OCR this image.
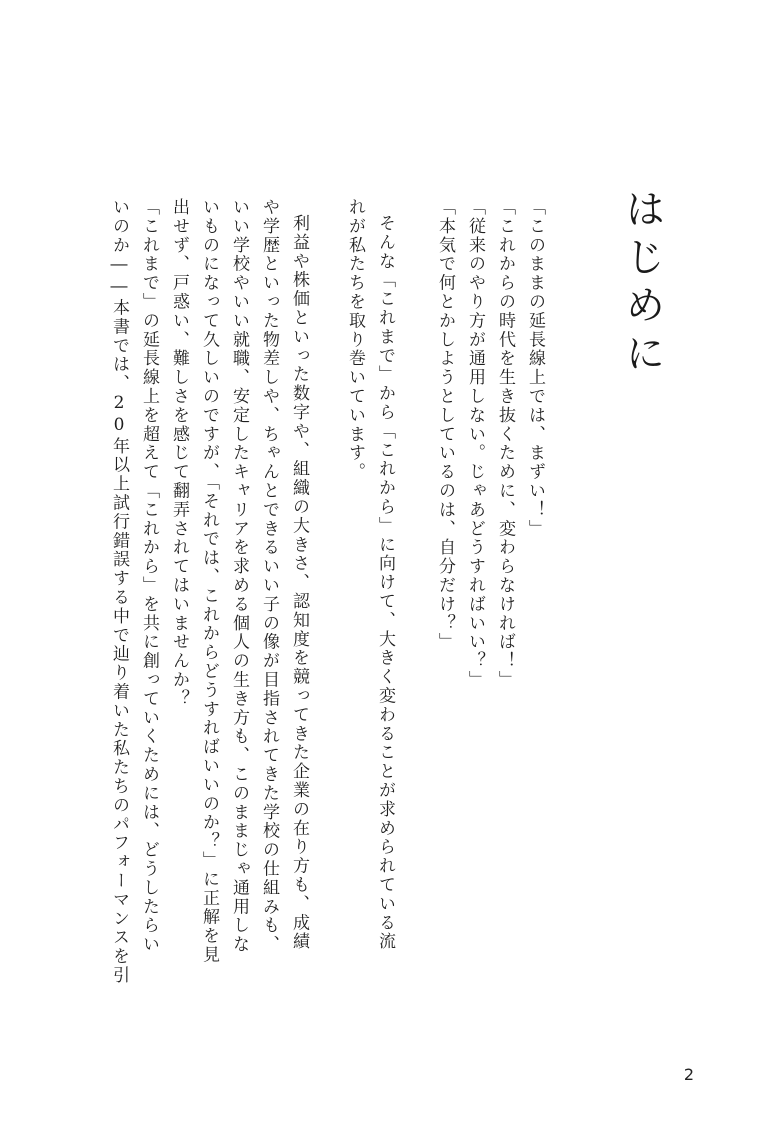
はじめに
「このままの延長線上では、まずい！」
「これからの時代を生き抜くために、変わらなければ！」
「従来のやり方が通用しない。じゃあどうすればいい？」
「本気で何とかしようとしているのは、自分だけ？」
そんな「これまで」から「これから」に向けて、大きく変わることが求められている流
れが私たちを取り巻いています。
利益や株価といった数字や、組織の大きさ、認知度を競ってきた企業の在り方も、成績
や学歴といった物差しや、ちゃんとできるいい子の像が目指されてきた学校の仕組みも、
いい学校やいい就職、安定したキャリアを求める個人の生き方も、このままじゃ通用しな
いものになって久しいのですが、「それでは、これからどうすればいいのか？」に正解を見
出せず、戸惑い、難しさを感じて翻弄されてはいませんか？
「これまで」の延長線上を超えて「これから」を共に創っていくためには、どうしたらい
いのか――本書では、20年以上試行錯誤する中で辿り着いた私たちのパフォーマンスを引
2
